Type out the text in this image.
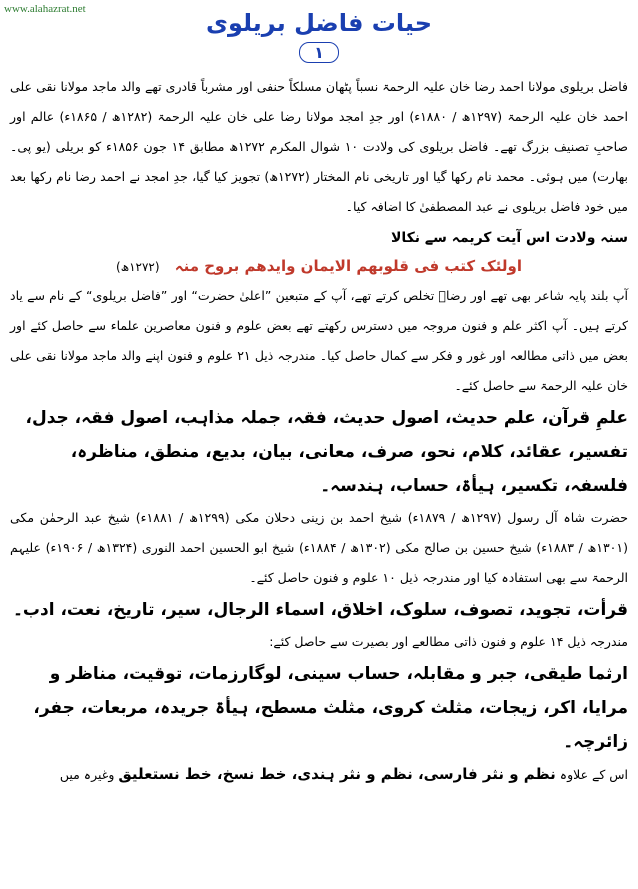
www.alahazrat.net	حیات فاضل بریلوی
۱
فاضل بریلوی مولانا احمد رضا خان علیہ الرحمۃ نسباً پٹھان مسلکاً حنفی اور مشرباً قادری تھے والد ماجد مولانا نقی علی احمد خان علیہ الرحمۃ (۱۲۹۷ھ / ۱۸۸۰ء) اور جدِ امجد مولانا رضا علی خان علیہ الرحمۃ (۱۲۸۲ھ / ۱۸۶۵ء) عالم اور صاحبِ تصنیف بزرگ تھے۔ فاضل بریلوی کی ولادت ۱۰ شوال المکرم ۱۲۷۲ھ مطابق ۱۴ جون ۱۸۵۶ء کو بریلی (یو پی۔ بھارت) میں ہوئی۔ محمد نام رکھا گیا اور تاریخی نام المختار (۱۲۷۲ھ) تجویز کیا گیا، جدِ امجد نے احمد رضا نام رکھا بعد میں خود فاضل بریلوی نے عبد المصطفیٰ کا اضافہ کیا۔
سنہ ولادت اس آیت کریمہ سے نکالا
اولئک کتب فی قلوبھم الایمان وایدھم بروح منہ (۱۲۷۲ھ)
آپ بلند پایہ شاعر بھی تھے اور رضاؔ تخلص کرتے تھے، آپ کے متبعین ”اعلیٰ حضرت“ اور ”فاضل بریلوی“ کے نام سے یاد کرتے ہیں۔ آپ اکثر علم و فنون مروجہ میں دسترس رکھتے تھے بعض علوم و فنون معاصرین علماء سے حاصل کئے اور بعض میں ذاتی مطالعہ اور غور و فکر سے کمال حاصل کیا۔ مندرجہ ذیل ۲۱ علوم و فنون اپنے والد ماجد مولانا نقی علی خان علیہ الرحمۃ سے حاصل کئے۔
علمِ قرآن، علم حدیث، اصول حدیث، فقہ، جملہ مذاہب، اصول فقہ، جدل، تفسیر، عقائد، کلام، نحو، صرف، معانی، بیان، بدیع، منطق، مناظرہ، فلسفہ، تکسیر، ہیأۃ، حساب، ہندسہ۔
حضرت شاہ آل رسول (۱۲۹۷ھ / ۱۸۷۹ء) شیخ احمد بن زینی دحلان مکی (۱۲۹۹ھ / ۱۸۸۱ء) شیخ عبد الرحمٰن مکی (۱۳۰۱ھ / ۱۸۸۳ء) شیخ حسین بن صالح مکی (۱۳۰۲ھ / ۱۸۸۴ء) شیخ ابو الحسین احمد النوری (۱۳۲۴ھ / ۱۹۰۶ء) علیہم الرحمۃ سے بھی استفادہ کیا اور مندرجہ ذیل ۱۰ علوم و فنون حاصل کئے۔
قرأت، تجوید، تصوف، سلوک، اخلاق، اسماء الرجال، سیر، تاریخ، نعت، ادب۔
مندرجہ ذیل ۱۴ علوم و فنون ذاتی مطالعے اور بصیرت سے حاصل کئے:
ارثما طیقی، جبر و مقابلہ، حساب سینی، لوگارزمات، توقیت، مناظر و مرایا، اکر، زیجات، مثلث کروی، مثلث مسطح، ہیأۃ جریدہ، مربعات، جفر، زائرچہ۔
اس کے علاوہ نظم و نثر فارسی، نظم و نثر ہندی، خط نسخ، خط نستعلیق وغیرہ میں
